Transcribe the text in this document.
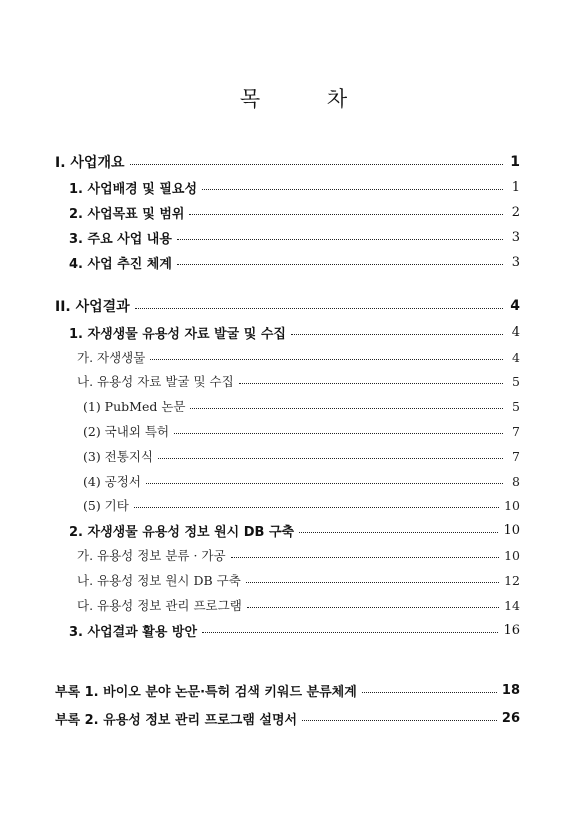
목 차
I. 사업개요	1
1. 사업배경 및 필요성	1
2. 사업목표 및 범위	2
3. 주요 사업 내용	3
4. 사업 추진 체계	3
II. 사업결과	4
1. 자생생물 유용성 자료 발굴 및 수집	4
가. 자생생물	4
나. 유용성 자료 발굴 및 수집	5
(1) PubMed 논문	5
(2) 국내외 특허	7
(3) 전통지식	7
(4) 공정서	8
(5) 기타	10
2. 자생생물 유용성 정보 원시 DB 구축	10
가. 유용성 정보 분류 · 가공	10
나. 유용성 정보 원시 DB 구축	12
다. 유용성 정보 관리 프로그램	14
3. 사업결과 활용 방안	16
부록 1. 바이오 분야 논문·특허 검색 키워드 분류체계	18
부록 2. 유용성 정보 관리 프로그램 설명서	26
